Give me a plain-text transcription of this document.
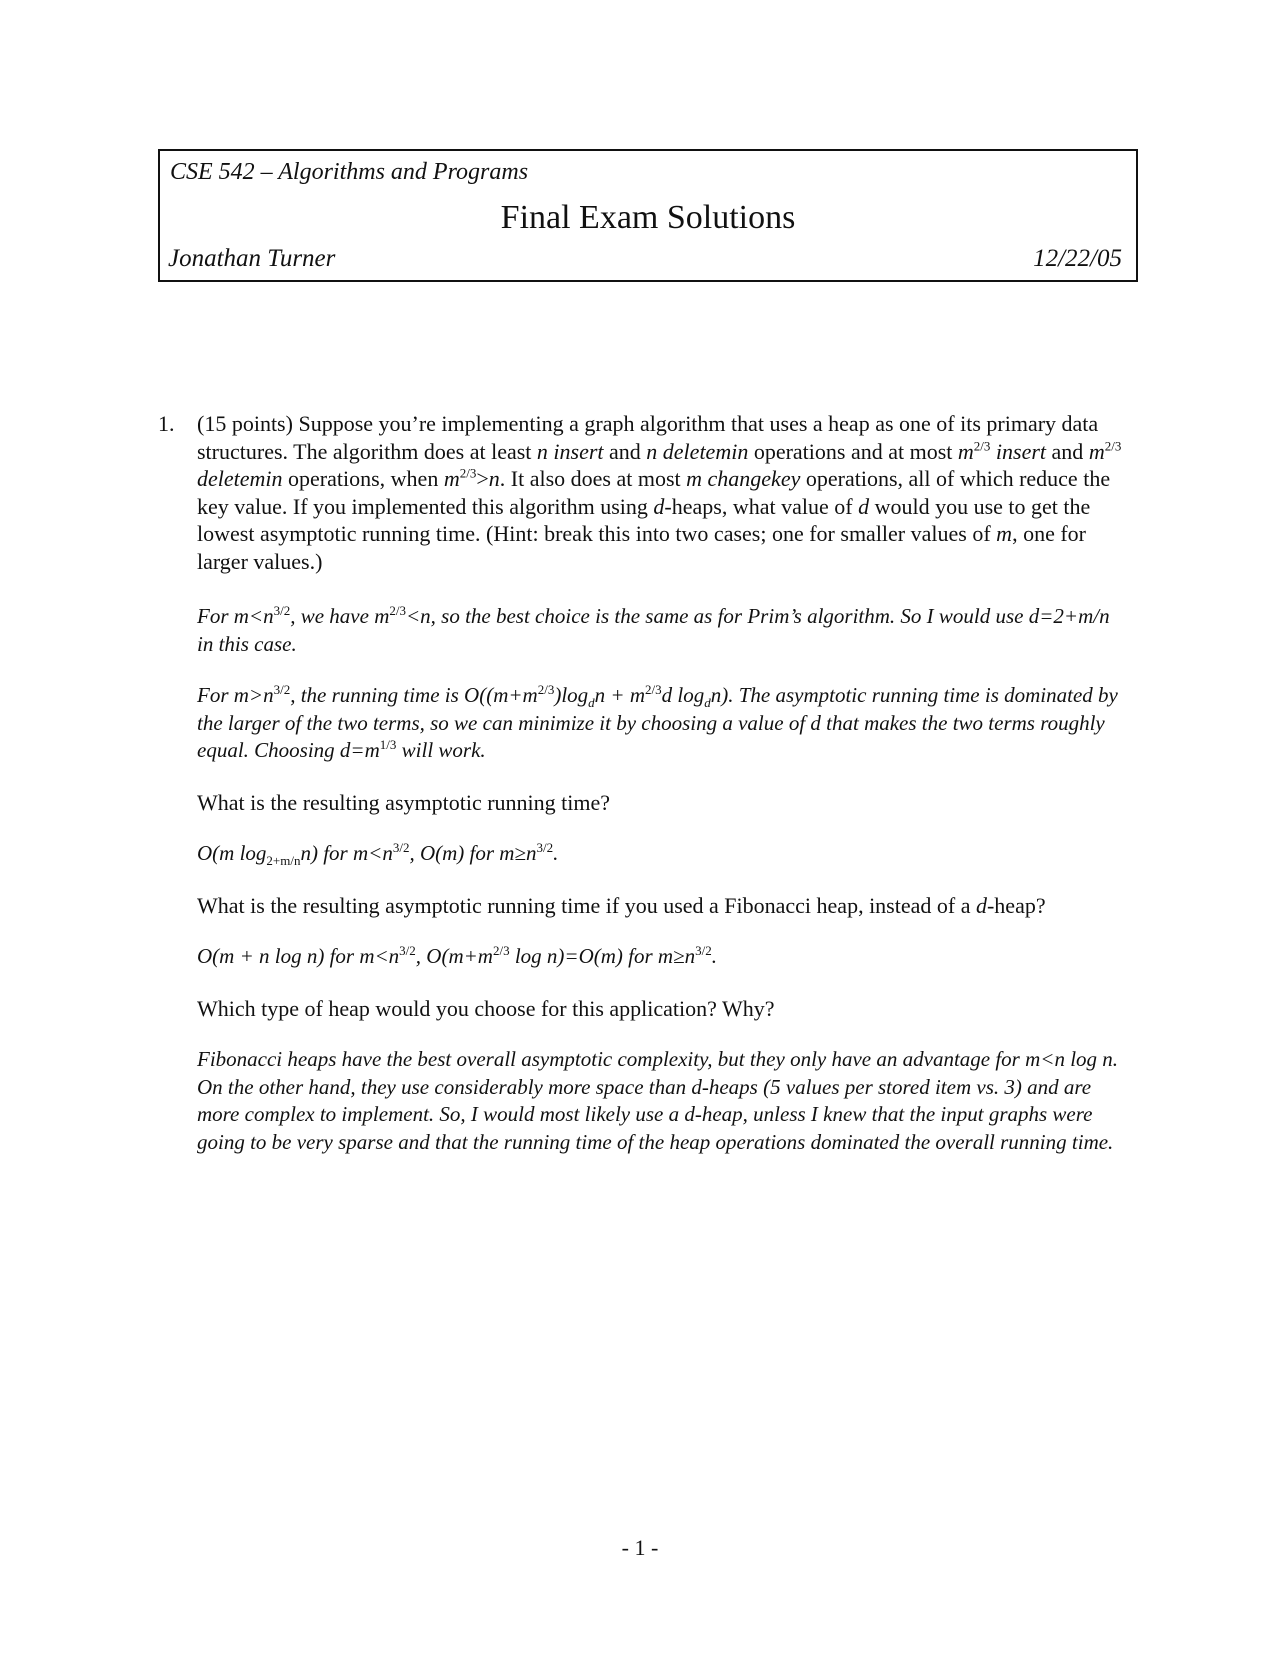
CSE 542 – Algorithms and Programs
Final Exam Solutions
Jonathan Turner	12/22/05
1. (15 points) Suppose you’re implementing a graph algorithm that uses a heap as one of its primary data structures. The algorithm does at least n insert and n deletemin operations and at most $m^{2/3}$ insert and $m^{2/3}$ deletemin operations, when $m^{2/3}>n$. It also does at most m changekey operations, all of which reduce the key value. If you implemented this algorithm using d-heaps, what value of d would you use to get the lowest asymptotic running time. (Hint: break this into two cases; one for smaller values of m, one for larger values.)

For $m<n^{3/2}$, we have $m^{2/3}<n$, so the best choice is the same as for Prim’s algorithm. So I would use d=2+m/n in this case.

For $m>n^{3/2}$, the running time is $O((m+m^{2/3})\log_dn + m^{2/3}d$ $\log_dn$). The asymptotic running time is dominated by the larger of the two terms, so we can minimize it by choosing a value of d that makes the two terms roughly equal. Choosing $d=m^{1/3}$ will work.

What is the resulting asymptotic running time?

O(m $\log_{2+m/n}n$) for $m<n^{3/2}$, O(m) for $m\ge n^{3/2}$.

What is the resulting asymptotic running time if you used a Fibonacci heap, instead of a d-heap?

O(m + n log n) for $m<n^{3/2}$, $O(m+m^{2/3}$ log n)=O(m) for $m\ge n^{3/2}$.

Which type of heap would you choose for this application? Why?

Fibonacci heaps have the best overall asymptotic complexity, but they only have an advantage for m<n log n. On the other hand, they use considerably more space than d-heaps (5 values per stored item vs. 3) and are more complex to implement. So, I would most likely use a d-heap, unless I knew that the input graphs were going to be very sparse and that the running time of the heap operations dominated the overall running time.

- 1 -
